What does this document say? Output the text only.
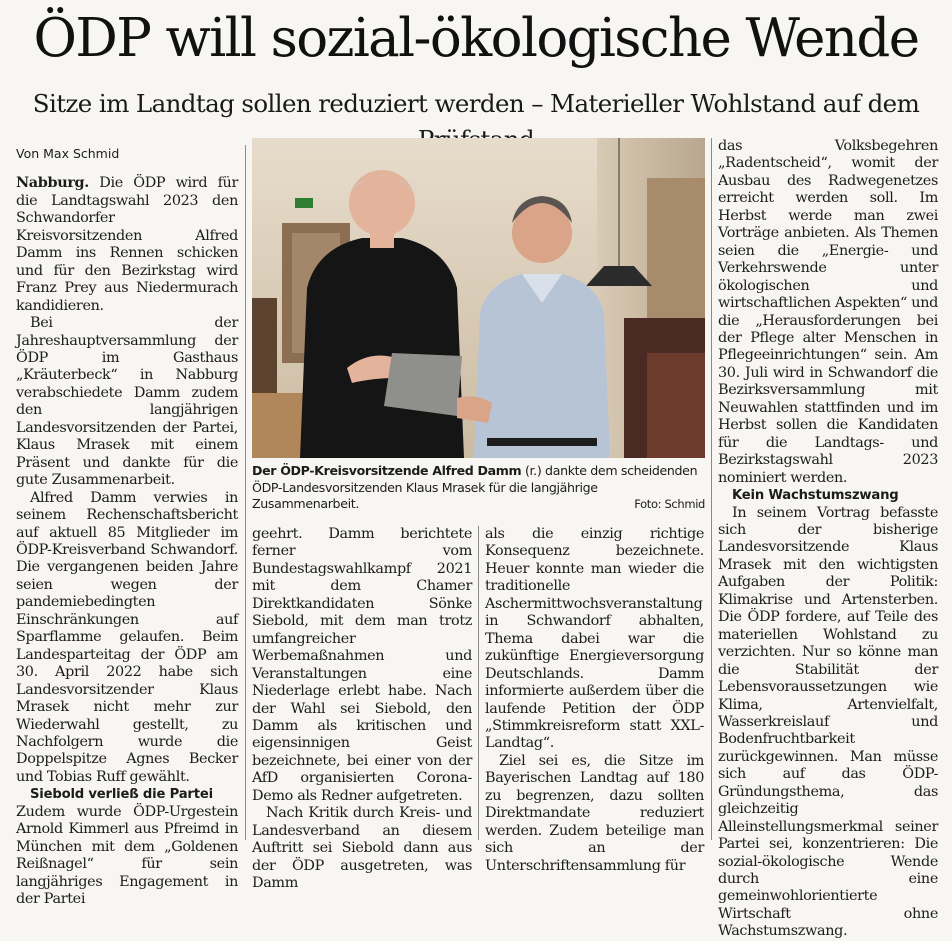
ÖDP will sozial-ökologische Wende
Sitze im Landtag sollen reduziert werden – Materieller Wohlstand auf dem
Von Max Schmid

Nabburg. Die ÖDP wird für die Landtagswahl 2023 den Schwandorfer Kreisvorsitzenden Alfred Damm ins Rennen schicken und für den Bezirkstag wird Franz Prey aus Niedermurach kandidieren.

Bei der Jahreshauptversammlung der ÖDP im Gasthaus „Kräuterbeck“ in Nabburg verabschiedete Damm zudem den langjährigen Landesvorsitzenden der Partei, Klaus Mrasek mit einem Präsent und dankte für die gute Zusammenarbeit.

Alfred Damm verwies in seinem Rechenschaftsbericht auf aktuell 85 Mitglieder im ÖDP-Kreisverband Schwandorf. Die vergangenen beiden Jahre seien wegen der pandemiebedingten Einschränkungen auf Sparflamme gelaufen. Beim Landesparteitag der ÖDP am 30. April 2022 habe sich Landesvorsitzender Klaus Mrasek nicht mehr zur Wiederwahl gestellt, zu Nachfolgern wurde die Doppelspitze Agnes Becker und Tobias Ruff gewählt.

Siebold verließ die Partei

Zudem wurde ÖDP-Urgestein Arnold Kimmerl aus Pfreimd in München mit dem „Goldenen Reißnagel“ für sein langjähriges Engagement in der Partei

Der ÖDP-Kreisvorsitzende Alfred Damm (r.) dankte dem scheidenden ÖDP-Landesvorsitzenden Klaus Mrasek für die langjährige Zusammenarbeit.	Foto: Schmid

geehrt. Damm berichtete ferner vom Bundestagswahlkampf 2021 mit dem Chamer Direktkandidaten Sönke Siebold, mit dem man trotz umfangreicher Werbemaßnahmen und Veranstaltungen eine Niederlage erlebt habe. Nach der Wahl sei Siebold, den Damm als kritischen und eigensinnigen Geist bezeichnete, bei einer von der AfD organisierten Corona-Demo als Redner aufgetreten.

Nach Kritik durch Kreis- und Landesverband an diesem Auftritt sei Siebold dann aus der ÖDP ausgetreten, was Damm

als die einzig richtige Konsequenz bezeichnete. Heuer konnte man wieder die traditionelle Aschermittwochsveranstaltung in Schwandorf abhalten, Thema dabei war die zukünftige Energieversorgung Deutschlands. Damm informierte außerdem über die laufende Petition der ÖDP „Stimmkreisreform statt XXL-Landtag“.

Ziel sei es, die Sitze im Bayerischen Landtag auf 180 zu begrenzen, dazu sollten Direktmandate reduziert werden. Zudem beteilige man sich an der Unterschriftensammlung für

das Volksbegehren „Radentscheid“, womit der Ausbau des Radwegenetzes erreicht werden soll. Im Herbst werde man zwei Vorträge anbieten. Als Themen seien die „Energie- und Verkehrswende unter ökologischen und wirtschaftlichen Aspekten“ und die „Herausforderungen bei der Pflege alter Menschen in Pflegeeinrichtungen“ sein. Am 30. Juli wird in Schwandorf die Bezirksversammlung mit Neuwahlen stattfinden und im Herbst sollen die Kandidaten für die Landtags- und Bezirkstagswahl 2023 nominiert werden.

Kein Wachstumszwang

In seinem Vortrag befasste sich der bisherige Landesvorsitzende Klaus Mrasek mit den wichtigsten Aufgaben der Politik: Klimakrise und Artensterben. Die ÖDP fordere, auf Teile des materiellen Wohlstand zu verzichten. Nur so könne man die Stabilität der Lebensvoraussetzungen wie Klima, Artenvielfalt, Wasserkreislauf und Bodenfruchtbarkeit zurückgewinnen. Man müsse sich auf das ÖDP-Gründungsthema, das gleichzeitig Alleinstellungsmerkmal seiner Partei sei, konzentrieren: Die sozial-ökologische Wende durch eine gemeinwohlorientierte Wirtschaft ohne Wachstumszwang.
